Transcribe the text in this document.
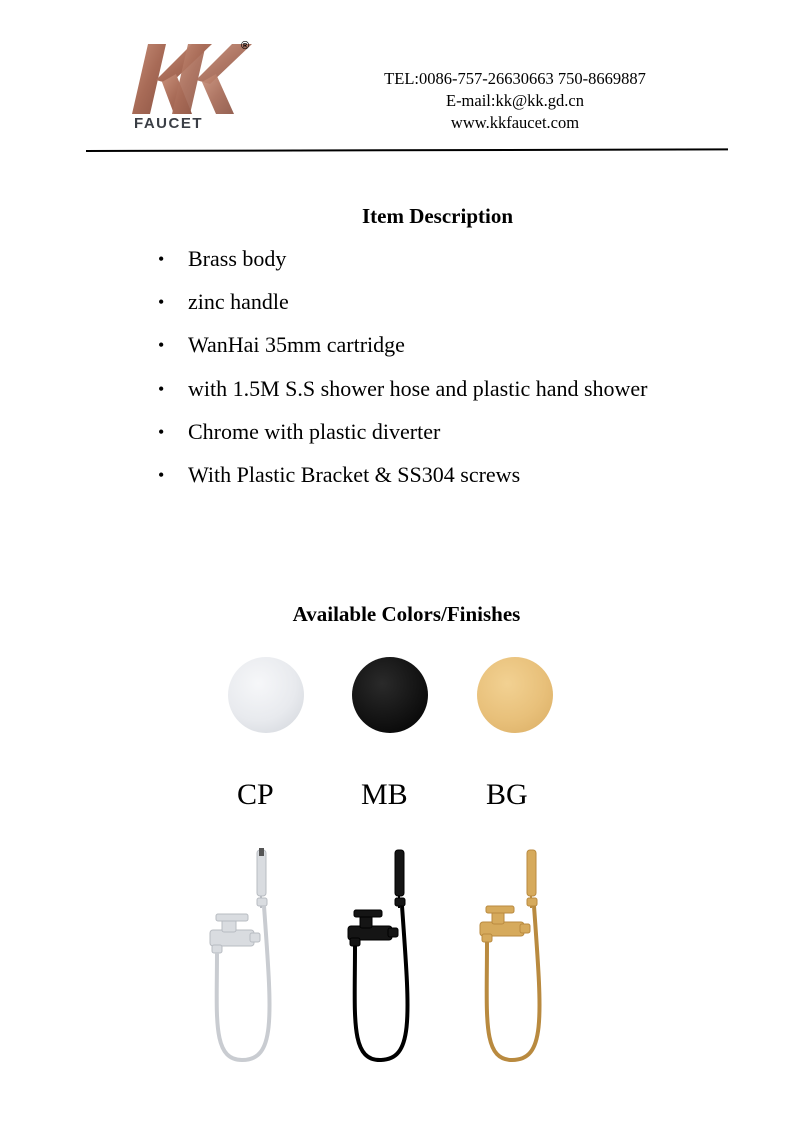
®
FAUCET
TEL:0086-757-26630663 750-8669887
E-mail:kk@kk.gd.cn
www.kkfaucet.com
Item Description
•	Brass body
•	zinc handle
•	WanHai 35mm cartridge
•	with 1.5M S.S shower hose and plastic hand shower
•	Chrome with plastic diverter
•	With Plastic Bracket & SS304 screws
Available Colors/Finishes
CP	MB	BG
